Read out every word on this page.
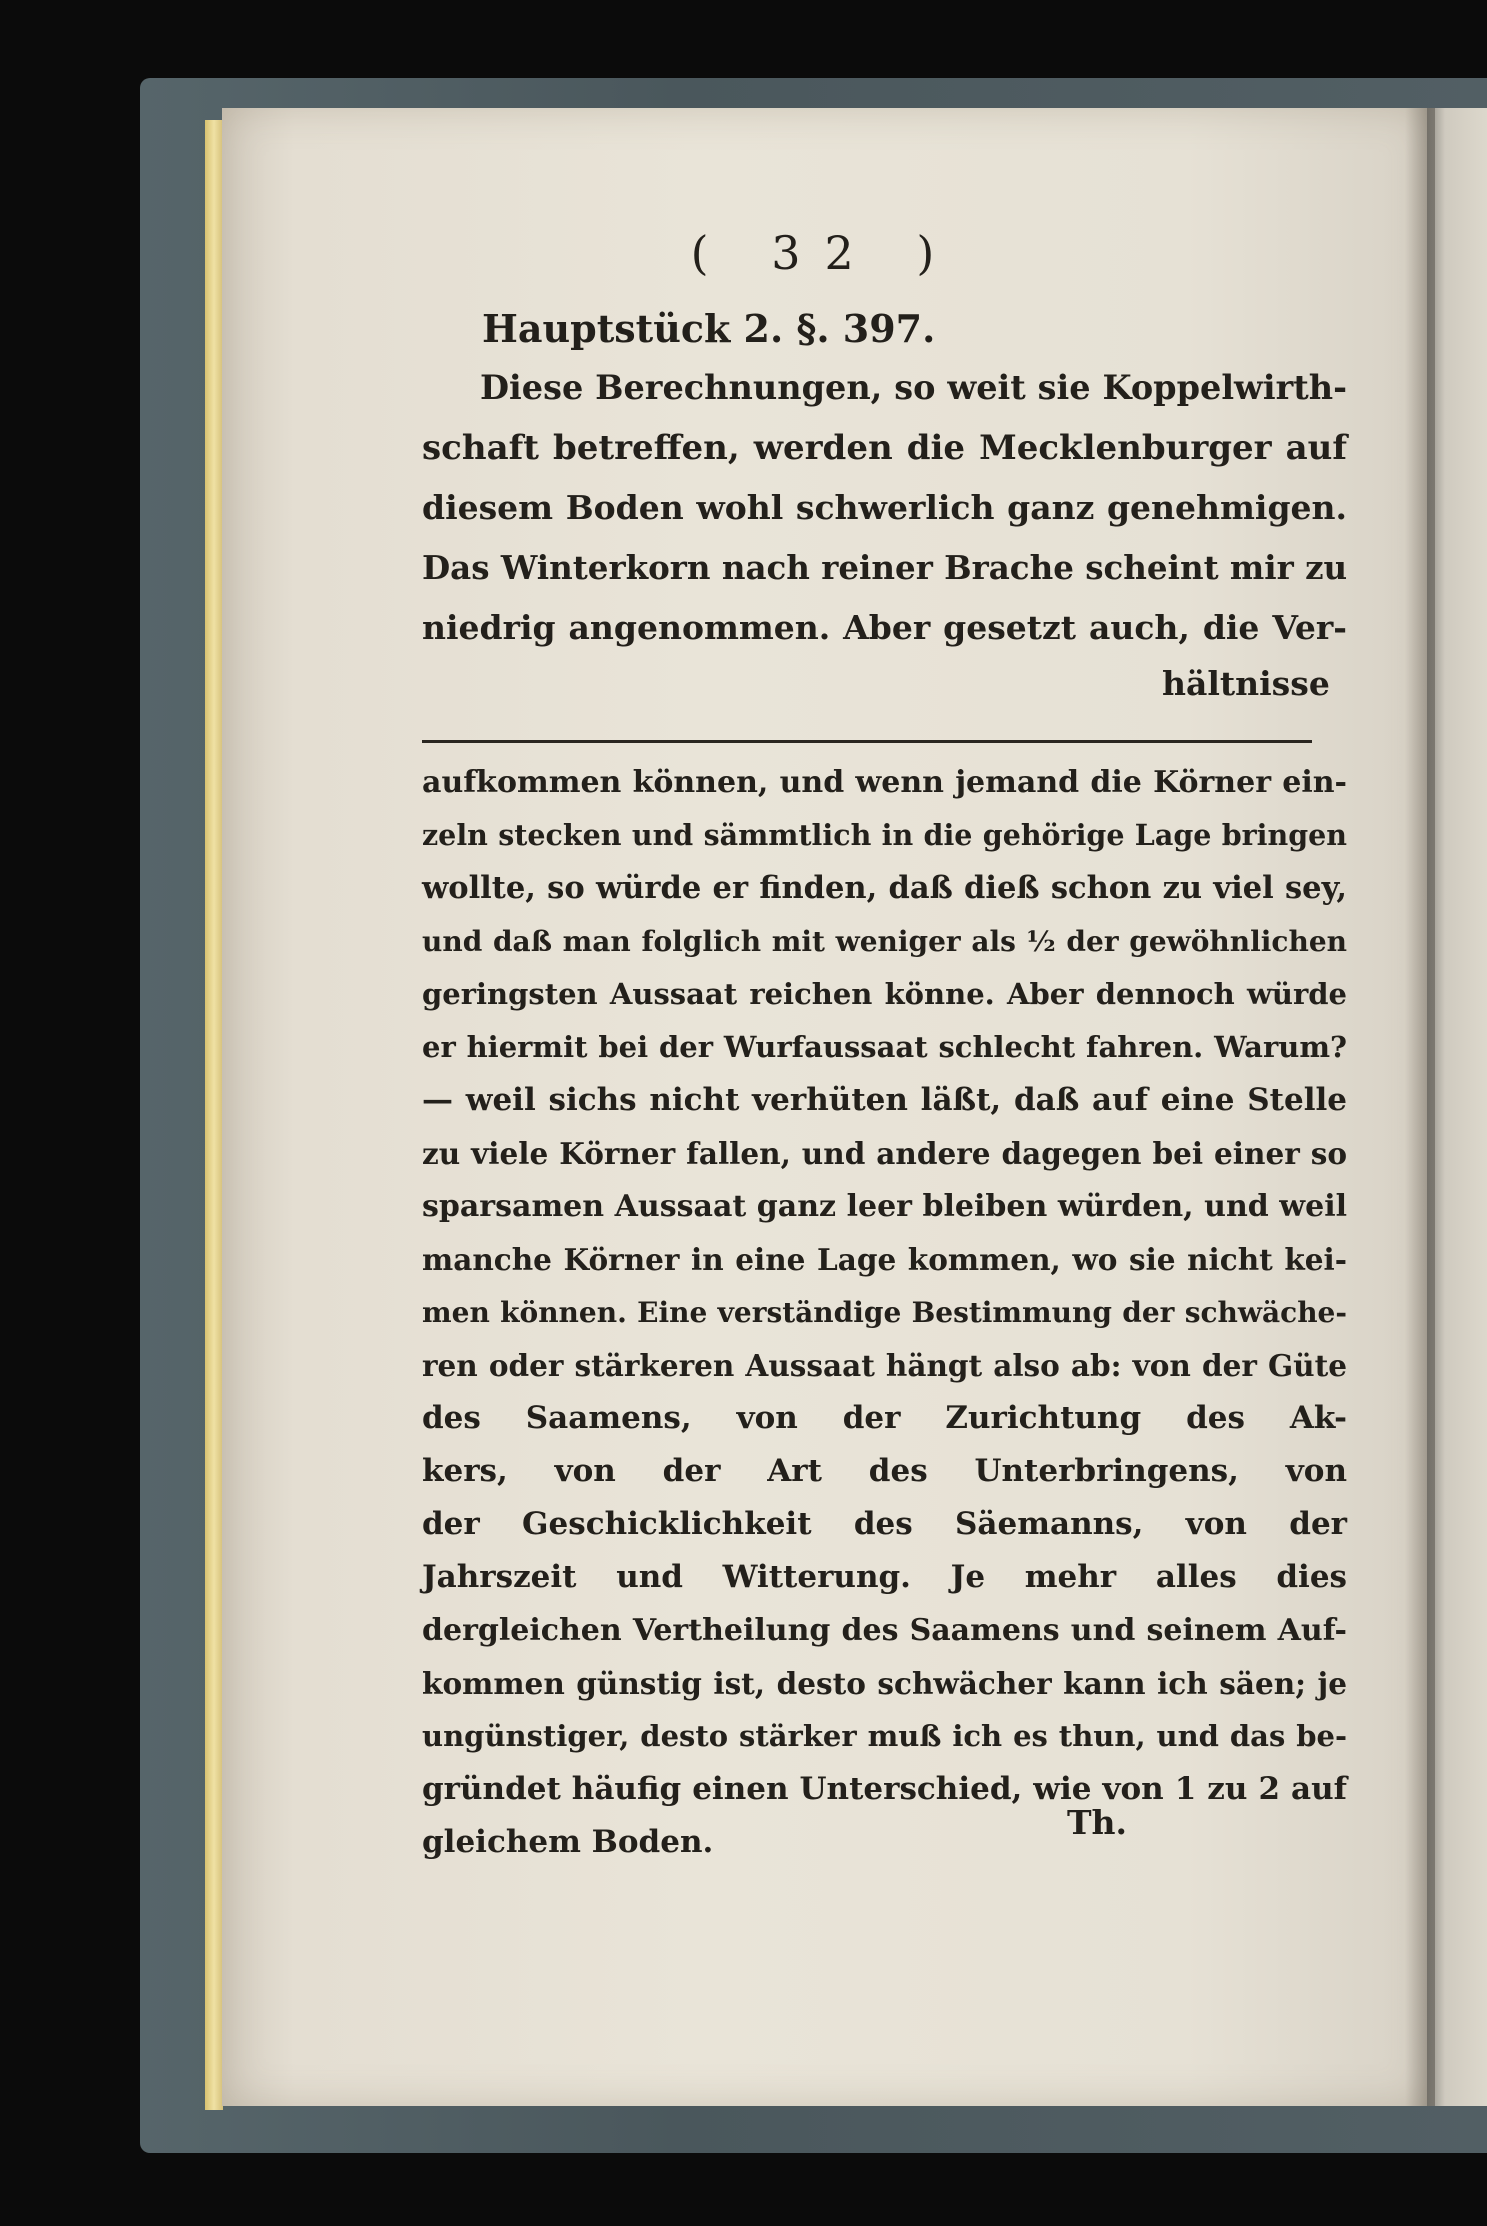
( 32 )

Hauptstück 2. §. 397.

Diese Berechnungen, so weit sie Koppelwirth-
schaft betreffen, werden die Mecklenburger auf
diesem Boden wohl schwerlich ganz genehmigen.
Das Winterkorn nach reiner Brache scheint mir zu
niedrig angenommen. Aber gesetzt auch, die Ver-

hältnisse

aufkommen können, und wenn jemand die Körner ein-
zeln stecken und sämmtlich in die gehörige Lage bringen
wollte, so würde er finden, daß dieß schon zu viel sey,
und daß man folglich mit weniger als ½ der gewöhnlichen
geringsten Aussaat reichen könne. Aber dennoch würde
er hiermit bei der Wurfaussaat schlecht fahren. Warum?
— weil sichs nicht verhüten läßt, daß auf eine Stelle
zu viele Körner fallen, und andere dagegen bei einer so
sparsamen Aussaat ganz leer bleiben würden, und weil
manche Körner in eine Lage kommen, wo sie nicht kei-
men können. Eine verständige Bestimmung der schwäche-
ren oder stärkeren Aussaat hängt also ab: von der Güte
des Saamens, von der Zurichtung des Ak-
kers, von der Art des Unterbringens, von
der Geschicklichkeit des Säemanns, von der
Jahrszeit und Witterung. Je mehr alles dies
dergleichen Vertheilung des Saamens und seinem Auf-
kommen günstig ist, desto schwächer kann ich säen; je
ungünstiger, desto stärker muß ich es thun, und das be-
gründet häufig einen Unterschied, wie von 1 zu 2 auf
gleichem Boden.	Th.
